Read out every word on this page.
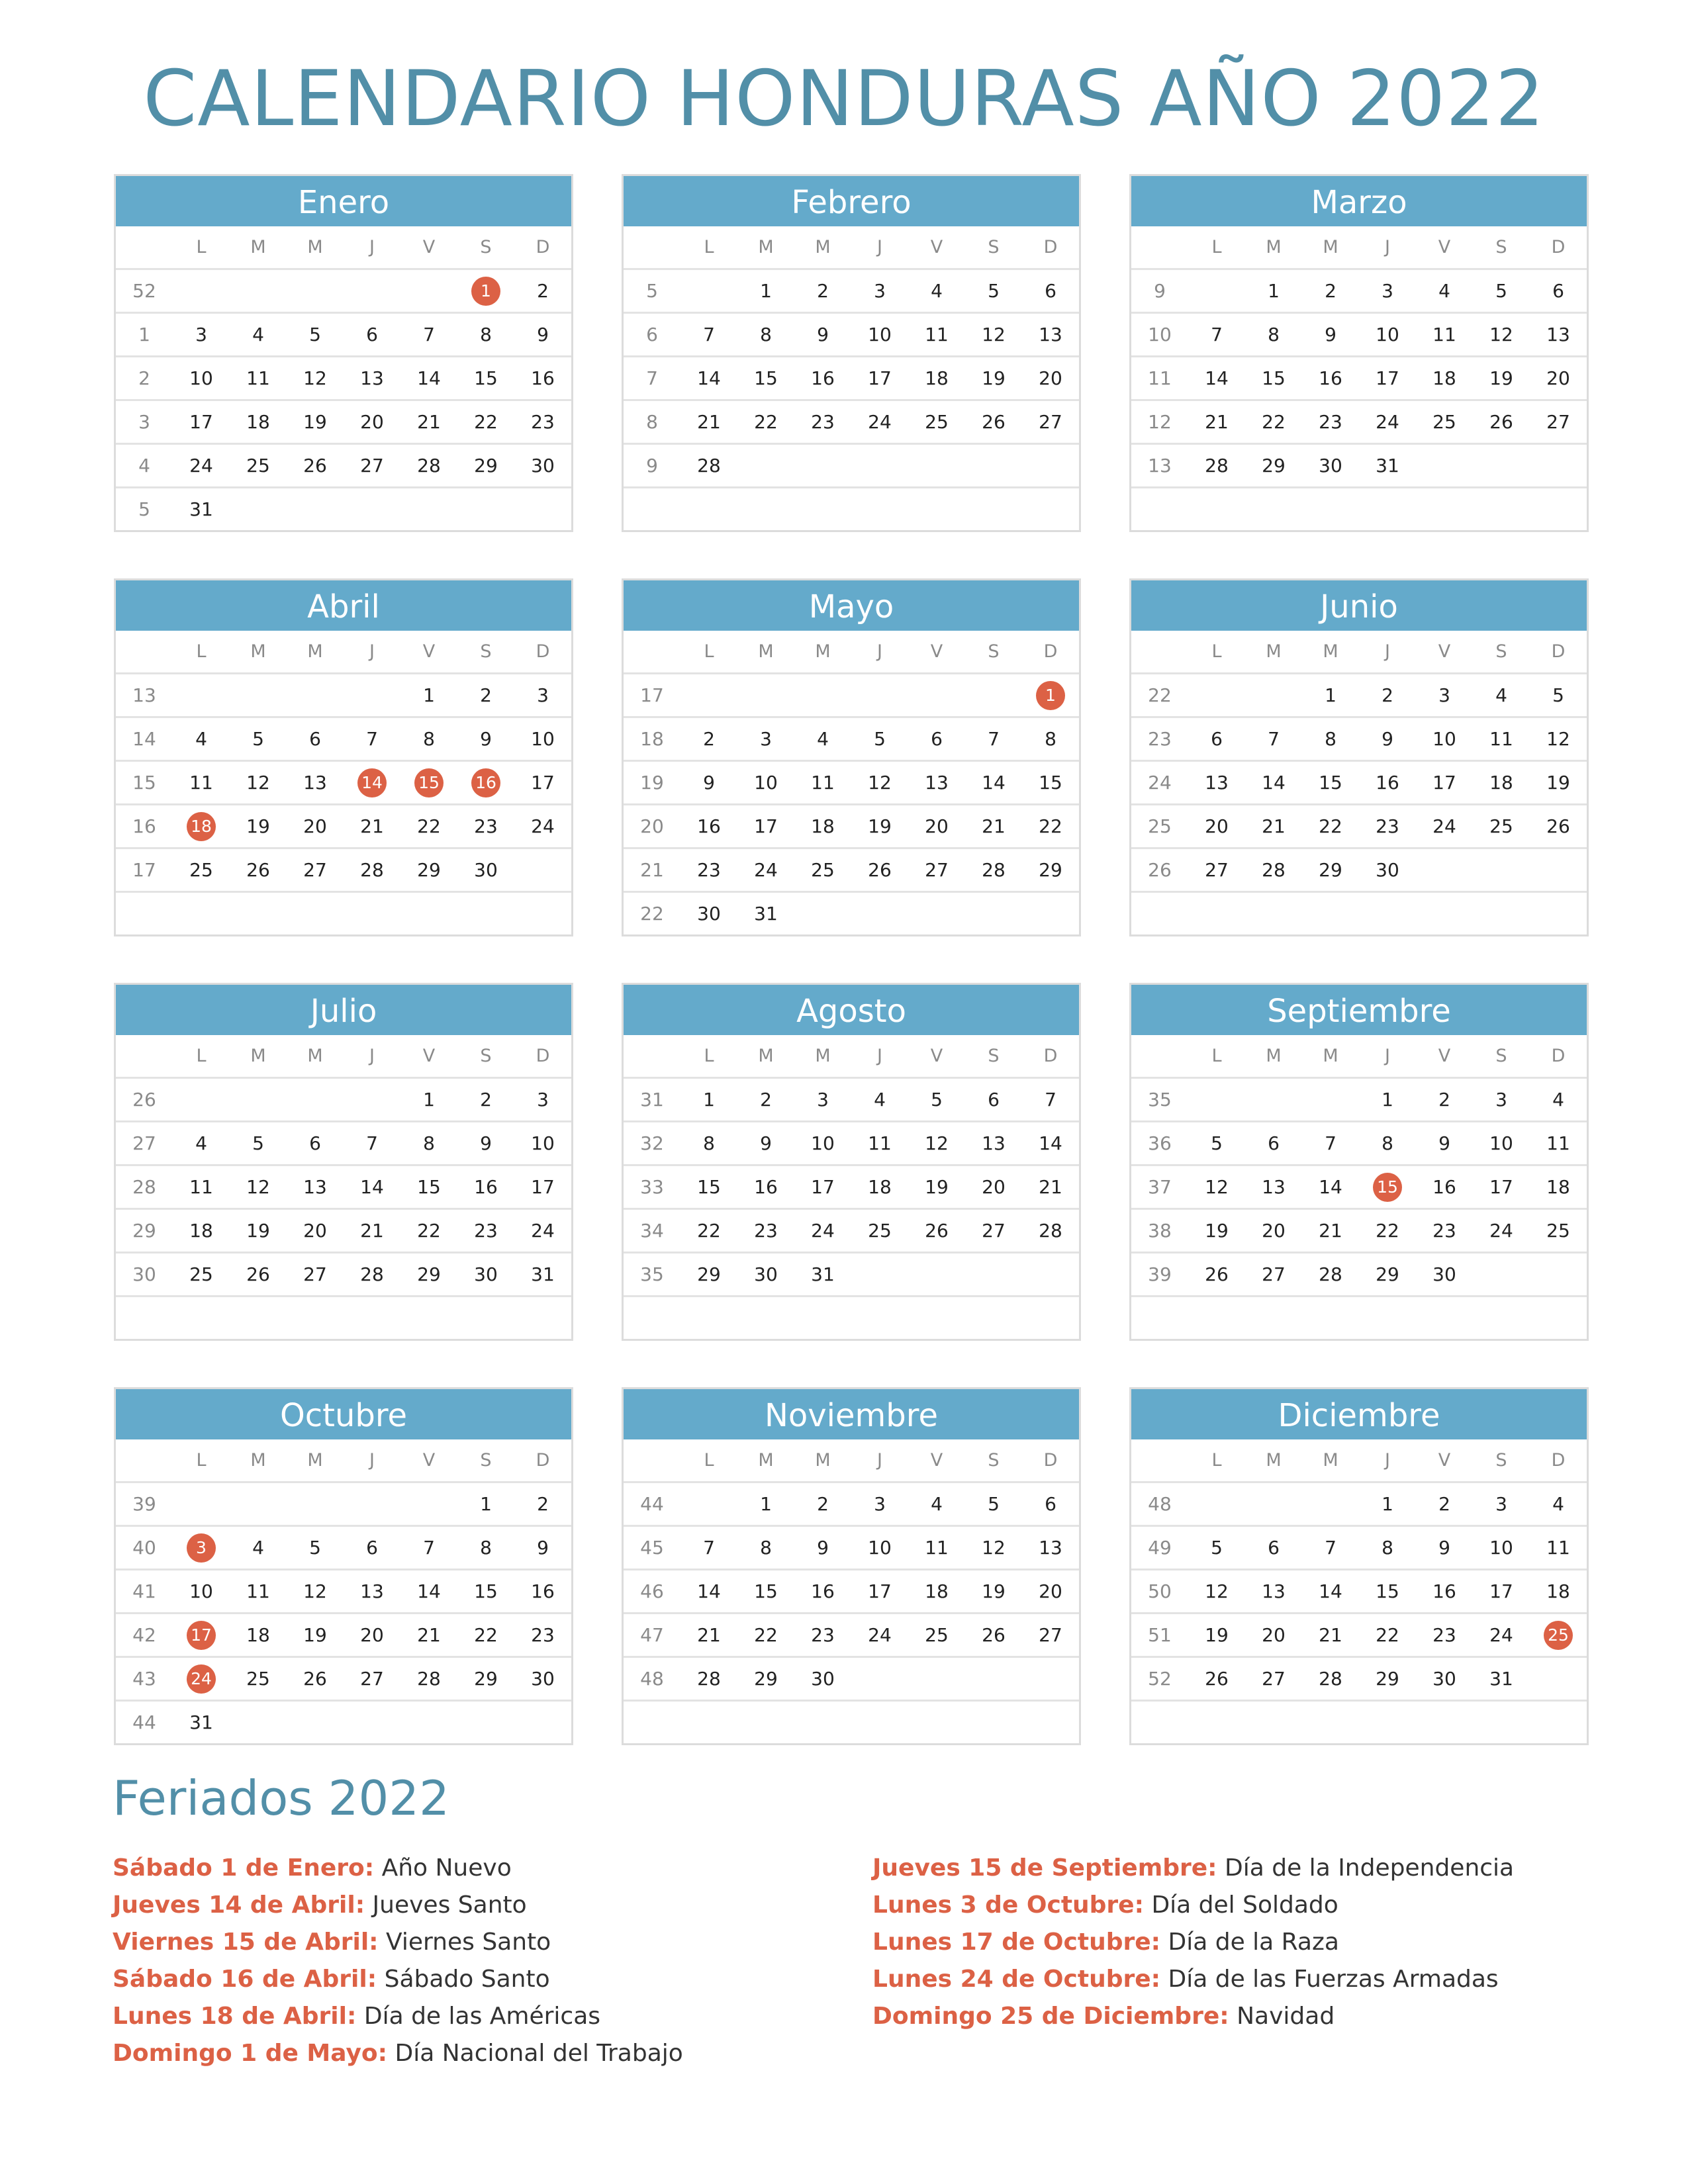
CALENDARIO HONDURAS AÑO 2022
Enero
	L	M	M	J	V	S	D
52						1	2
1	3	4	5	6	7	8	9
2	10	11	12	13	14	15	16
3	17	18	19	20	21	22	23
4	24	25	26	27	28	29	30
5	31						
Febrero
	L	M	M	J	V	S	D
5		1	2	3	4	5	6
6	7	8	9	10	11	12	13
7	14	15	16	17	18	19	20
8	21	22	23	24	25	26	27
9	28						

Marzo
	L	M	M	J	V	S	D
9		1	2	3	4	5	6
10	7	8	9	10	11	12	13
11	14	15	16	17	18	19	20
12	21	22	23	24	25	26	27
13	28	29	30	31			

Abril
	L	M	M	J	V	S	D
13					1	2	3
14	4	5	6	7	8	9	10
15	11	12	13	14	15	16	17
16	18	19	20	21	22	23	24
17	25	26	27	28	29	30	

Mayo
	L	M	M	J	V	S	D
17							1
18	2	3	4	5	6	7	8
19	9	10	11	12	13	14	15
20	16	17	18	19	20	21	22
21	23	24	25	26	27	28	29
22	30	31					
Junio
	L	M	M	J	V	S	D
22			1	2	3	4	5
23	6	7	8	9	10	11	12
24	13	14	15	16	17	18	19
25	20	21	22	23	24	25	26
26	27	28	29	30			

Julio
	L	M	M	J	V	S	D
26					1	2	3
27	4	5	6	7	8	9	10
28	11	12	13	14	15	16	17
29	18	19	20	21	22	23	24
30	25	26	27	28	29	30	31

Agosto
	L	M	M	J	V	S	D
31	1	2	3	4	5	6	7
32	8	9	10	11	12	13	14
33	15	16	17	18	19	20	21
34	22	23	24	25	26	27	28
35	29	30	31				

Septiembre
	L	M	M	J	V	S	D
35				1	2	3	4
36	5	6	7	8	9	10	11
37	12	13	14	15	16	17	18
38	19	20	21	22	23	24	25
39	26	27	28	29	30		

Octubre
	L	M	M	J	V	S	D
39						1	2
40	3	4	5	6	7	8	9
41	10	11	12	13	14	15	16
42	17	18	19	20	21	22	23
43	24	25	26	27	28	29	30
44	31						
Noviembre
	L	M	M	J	V	S	D
44		1	2	3	4	5	6
45	7	8	9	10	11	12	13
46	14	15	16	17	18	19	20
47	21	22	23	24	25	26	27
48	28	29	30				

Diciembre
	L	M	M	J	V	S	D
48				1	2	3	4
49	5	6	7	8	9	10	11
50	12	13	14	15	16	17	18
51	19	20	21	22	23	24	25
52	26	27	28	29	30	31	

Feriados 2022
Sábado 1 de Enero: Año Nuevo
Jueves 14 de Abril: Jueves Santo
Viernes 15 de Abril: Viernes Santo
Sábado 16 de Abril: Sábado Santo
Lunes 18 de Abril: Día de las Américas
Domingo 1 de Mayo: Día Nacional del Trabajo
Jueves 15 de Septiembre: Día de la Independencia
Lunes 3 de Octubre: Día del Soldado
Lunes 17 de Octubre: Día de la Raza
Lunes 24 de Octubre: Día de las Fuerzas Armadas
Domingo 25 de Diciembre: Navidad
